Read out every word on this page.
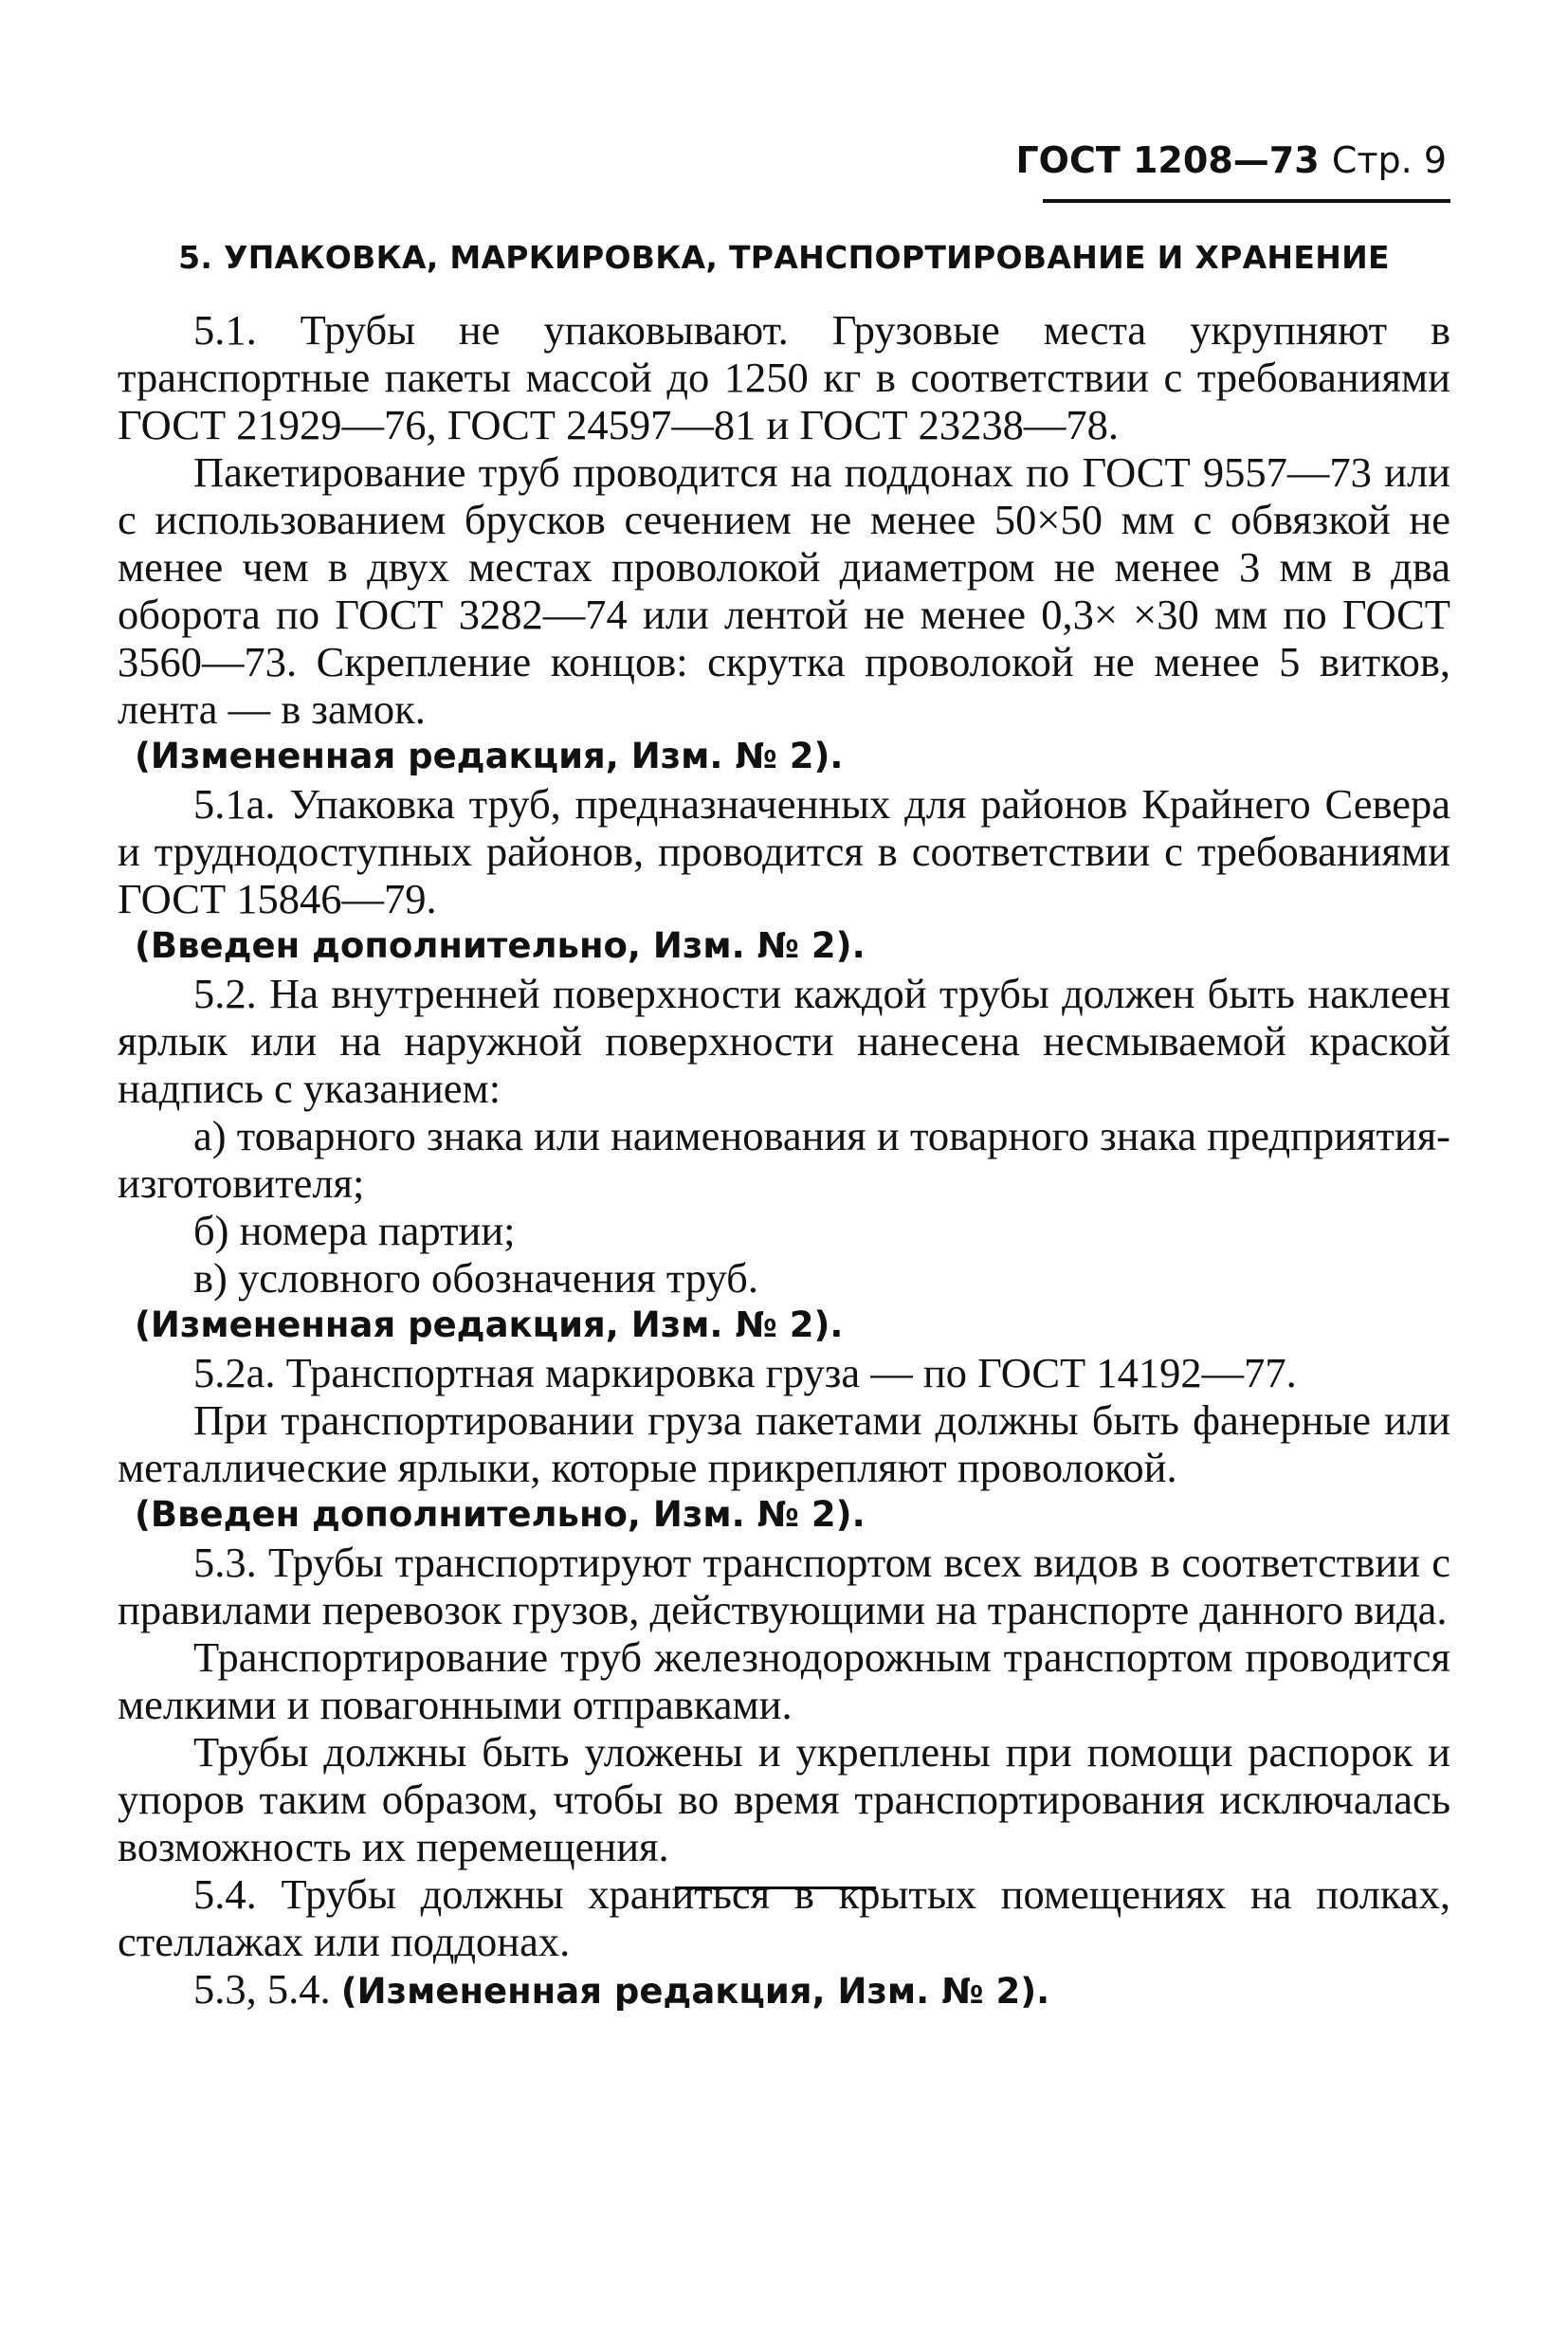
ГОСТ 1208—73 Стр. 9
5. УПАКОВКА, МАРКИРОВКА, ТРАНСПОРТИРОВАНИЕ И ХРАНЕНИЕ

5.1. Трубы не упаковывают. Грузовые места укрупняют в транспортные пакеты массой до 1250 кг в соответствии с требованиями ГОСТ 21929—76, ГОСТ 24597—81 и ГОСТ 23238—78.

Пакетирование труб проводится на поддонах по ГОСТ 9557—73 или с использованием брусков сечением не менее 50×50 мм с обвязкой не менее чем в двух местах проволокой диаметром не менее 3 мм в два оборота по ГОСТ 3282—74 или лентой не менее 0,3× ×30 мм по ГОСТ 3560—73. Скрепление концов: скрутка проволокой не менее 5 витков, лента — в замок.

(Измененная редакция, Изм. № 2).

5.1а. Упаковка труб, предназначенных для районов Крайнего Севера и труднодоступных районов, проводится в соответствии с требованиями ГОСТ 15846—79.

(Введен дополнительно, Изм. № 2).

5.2. На внутренней поверхности каждой трубы должен быть наклеен ярлык или на наружной поверхности нанесена несмываемой краской надпись с указанием:

а) товарного знака или наименования и товарного знака предприятия-изготовителя;

б) номера партии;

в) условного обозначения труб.

(Измененная редакция, Изм. № 2).

5.2а. Транспортная маркировка груза — по ГОСТ 14192—77.

При транспортировании груза пакетами должны быть фанерные или металлические ярлыки, которые прикрепляют проволокой.

(Введен дополнительно, Изм. № 2).

5.3. Трубы транспортируют транспортом всех видов в соответствии с правилами перевозок грузов, действующими на транспорте данного вида.

Транспортирование труб железнодорожным транспортом проводится мелкими и повагонными отправками.

Трубы должны быть уложены и укреплены при помощи распорок и упоров таким образом, чтобы во время транспортирования исключалась возможность их перемещения.

5.4. Трубы должны храниться в крытых помещениях на полках, стеллажах или поддонах.

5.3, 5.4. (Измененная редакция, Изм. № 2).
